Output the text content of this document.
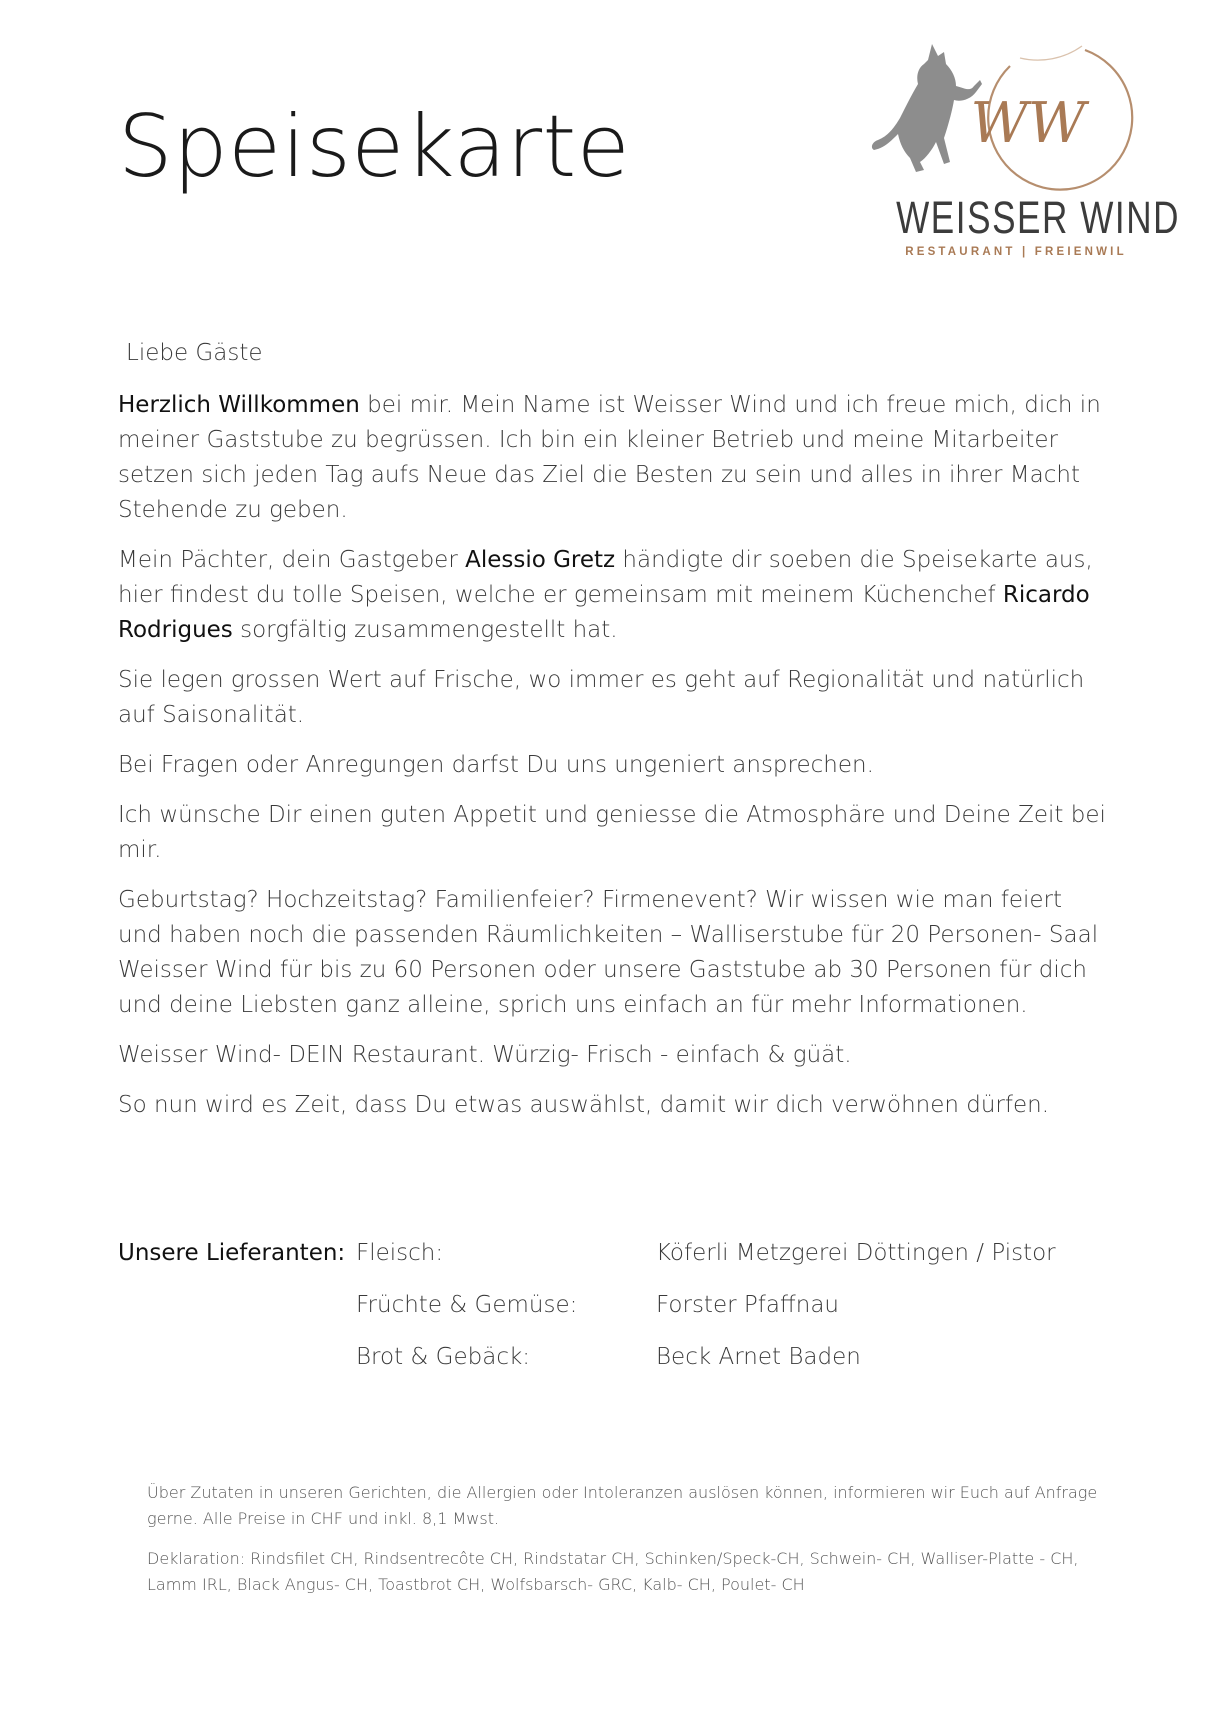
Speisekarte	WW
WEISSER WIND
RESTAURANT | FREIENWIL

Liebe Gäste

Herzlich Willkommen bei mir. Mein Name ist Weisser Wind und ich freue mich, dich in meiner Gaststube zu begrüssen. Ich bin ein kleiner Betrieb und meine Mitarbeiter setzen sich jeden Tag aufs Neue das Ziel die Besten zu sein und alles in ihrer Macht Stehende zu geben.

Mein Pächter, dein Gastgeber Alessio Gretz händigte dir soeben die Speisekarte aus, hier findest du tolle Speisen, welche er gemeinsam mit meinem Küchenchef Ricardo Rodrigues sorgfältig zusammengestellt hat.

Sie legen grossen Wert auf Frische, wo immer es geht auf Regionalität und natürlich auf Saisonalität.

Bei Fragen oder Anregungen darfst Du uns ungeniert ansprechen.

Ich wünsche Dir einen guten Appetit und geniesse die Atmosphäre und Deine Zeit bei mir.

Geburtstag? Hochzeitstag? Familienfeier? Firmenevent? Wir wissen wie man feiert und haben noch die passenden Räumlichkeiten – Walliserstube für 20 Personen- Saal Weisser Wind für bis zu 60 Personen oder unsere Gaststube ab 30 Personen für dich und deine Liebsten ganz alleine, sprich uns einfach an für mehr Informationen.

Weisser Wind- DEIN Restaurant. Würzig- Frisch - einfach & güät.

So nun wird es Zeit, dass Du etwas auswählst, damit wir dich verwöhnen dürfen.

Unsere Lieferanten: Fleisch:	Köferli Metzgerei Döttingen / Pistor
Früchte & Gemüse:	Forster Pfaffnau
Brot & Gebäck:	Beck Arnet Baden

Über Zutaten in unseren Gerichten, die Allergien oder Intoleranzen auslösen können, informieren wir Euch auf Anfrage gerne. Alle Preise in CHF und inkl. 8,1 Mwst.

Deklaration: Rindsfilet CH, Rindsentrecôte CH, Rindstatar CH, Schinken/Speck-CH, Schwein- CH, Walliser-Platte - CH, Lamm IRL, Black Angus- CH, Toastbrot CH, Wolfsbarsch- GRC, Kalb- CH, Poulet- CH
